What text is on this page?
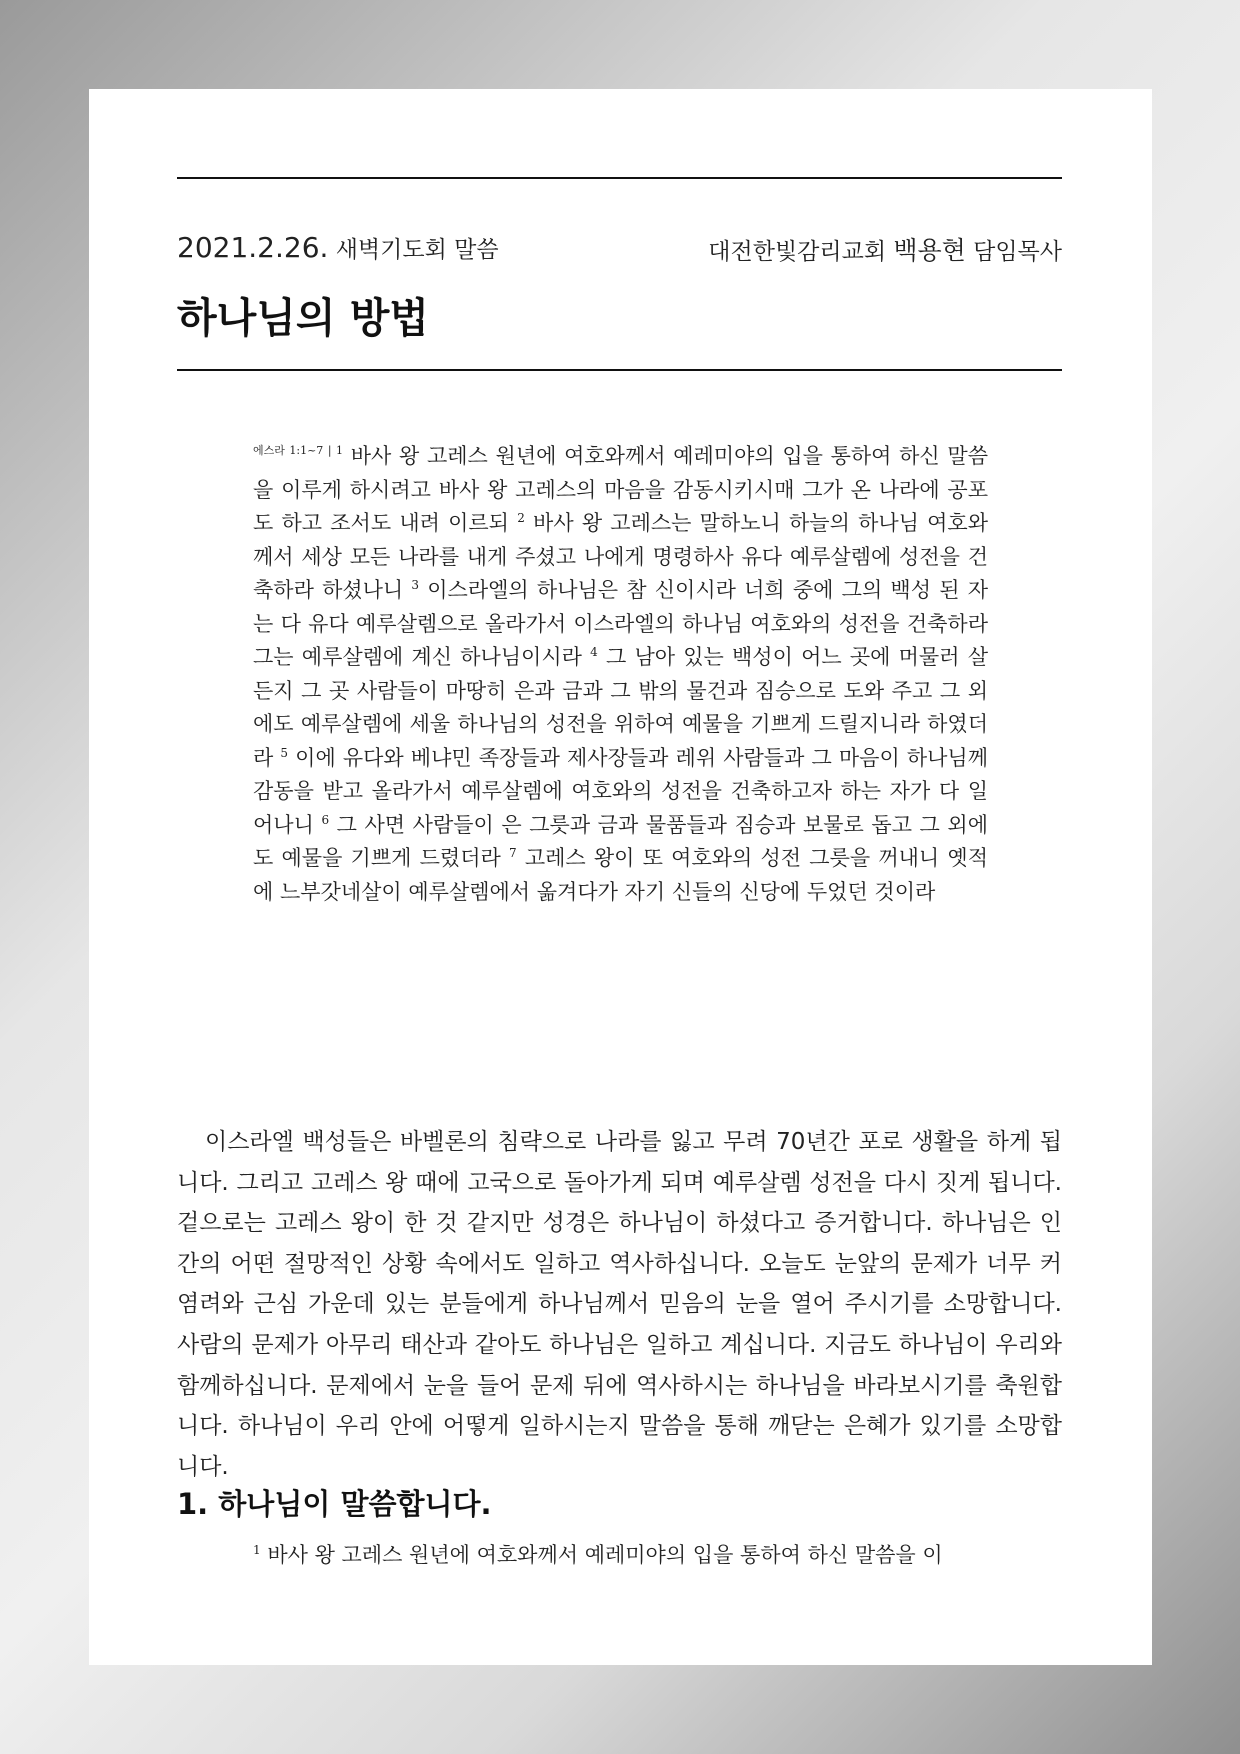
2021.2.26. 새벽기도회 말씀	대전한빛감리교회 백용현 담임목사
하나님의 방법

$^{에스라 1:1\sim 7 | 1}$ 바사 왕 고레스 원년에 여호와께서 예레미야의 입을 통하여 하신 말씀을 이루게 하시려고 바사 왕 고레스의 마음을 감동시키시매 그가 온 나라에 공포도 하고 조서도 내려 이르되 $^2$ 바사 왕 고레스는 말하노니 하늘의 하나님 여호와께서 세상 모든 나라를 내게 주셨고 나에게 명령하사 유다 예루살렘에 성전을 건축하라 하셨나니 $^3$ 이스라엘의 하나님은 참 신이시라 너희 중에 그의 백성 된 자는 다 유다 예루살렘으로 올라가서 이스라엘의 하나님 여호와의 성전을 건축하라 그는 예루살렘에 계신 하나님이시라 $^4$ 그 남아 있는 백성이 어느 곳에 머물러 살든지 그 곳 사람들이 마땅히 은과 금과 그 밖의 물건과 짐승으로 도와 주고 그 외에도 예루살렘에 세울 하나님의 성전을 위하여 예물을 기쁘게 드릴지니라 하였더라 $^5$ 이에 유다와 베냐민 족장들과 제사장들과 레위 사람들과 그 마음이 하나님께 감동을 받고 올라가서 예루살렘에 여호와의 성전을 건축하고자 하는 자가 다 일어나니 $^6$ 그 사면 사람들이 은 그릇과 금과 물품들과 짐승과 보물로 돕고 그 외에도 예물을 기쁘게 드렸더라 $^7$ 고레스 왕이 또 여호와의 성전 그릇을 꺼내니 옛적에 느부갓네살이 예루살렘에서 옮겨다가 자기 신들의 신당에 두었던 것이라

이스라엘 백성들은 바벨론의 침략으로 나라를 잃고 무려 70년간 포로 생활을 하게 됩니다. 그리고 고레스 왕 때에 고국으로 돌아가게 되며 예루살렘 성전을 다시 짓게 됩니다. 겉으로는 고레스 왕이 한 것 같지만 성경은 하나님이 하셨다고 증거합니다. 하나님은 인간의 어떤 절망적인 상황 속에서도 일하고 역사하십니다. 오늘도 눈앞의 문제가 너무 커 염려와 근심 가운데 있는 분들에게 하나님께서 믿음의 눈을 열어 주시기를 소망합니다. 사람의 문제가 아무리 태산과 같아도 하나님은 일하고 계십니다. 지금도 하나님이 우리와 함께하십니다. 문제에서 눈을 들어 문제 뒤에 역사하시는 하나님을 바라보시기를 축원합니다. 하나님이 우리 안에 어떻게 일하시는지 말씀을 통해 깨닫는 은혜가 있기를 소망합니다.

1. 하나님이 말씀합니다.

$^1$ 바사 왕 고레스 원년에 여호와께서 예레미야의 입을 통하여 하신 말씀을 이
